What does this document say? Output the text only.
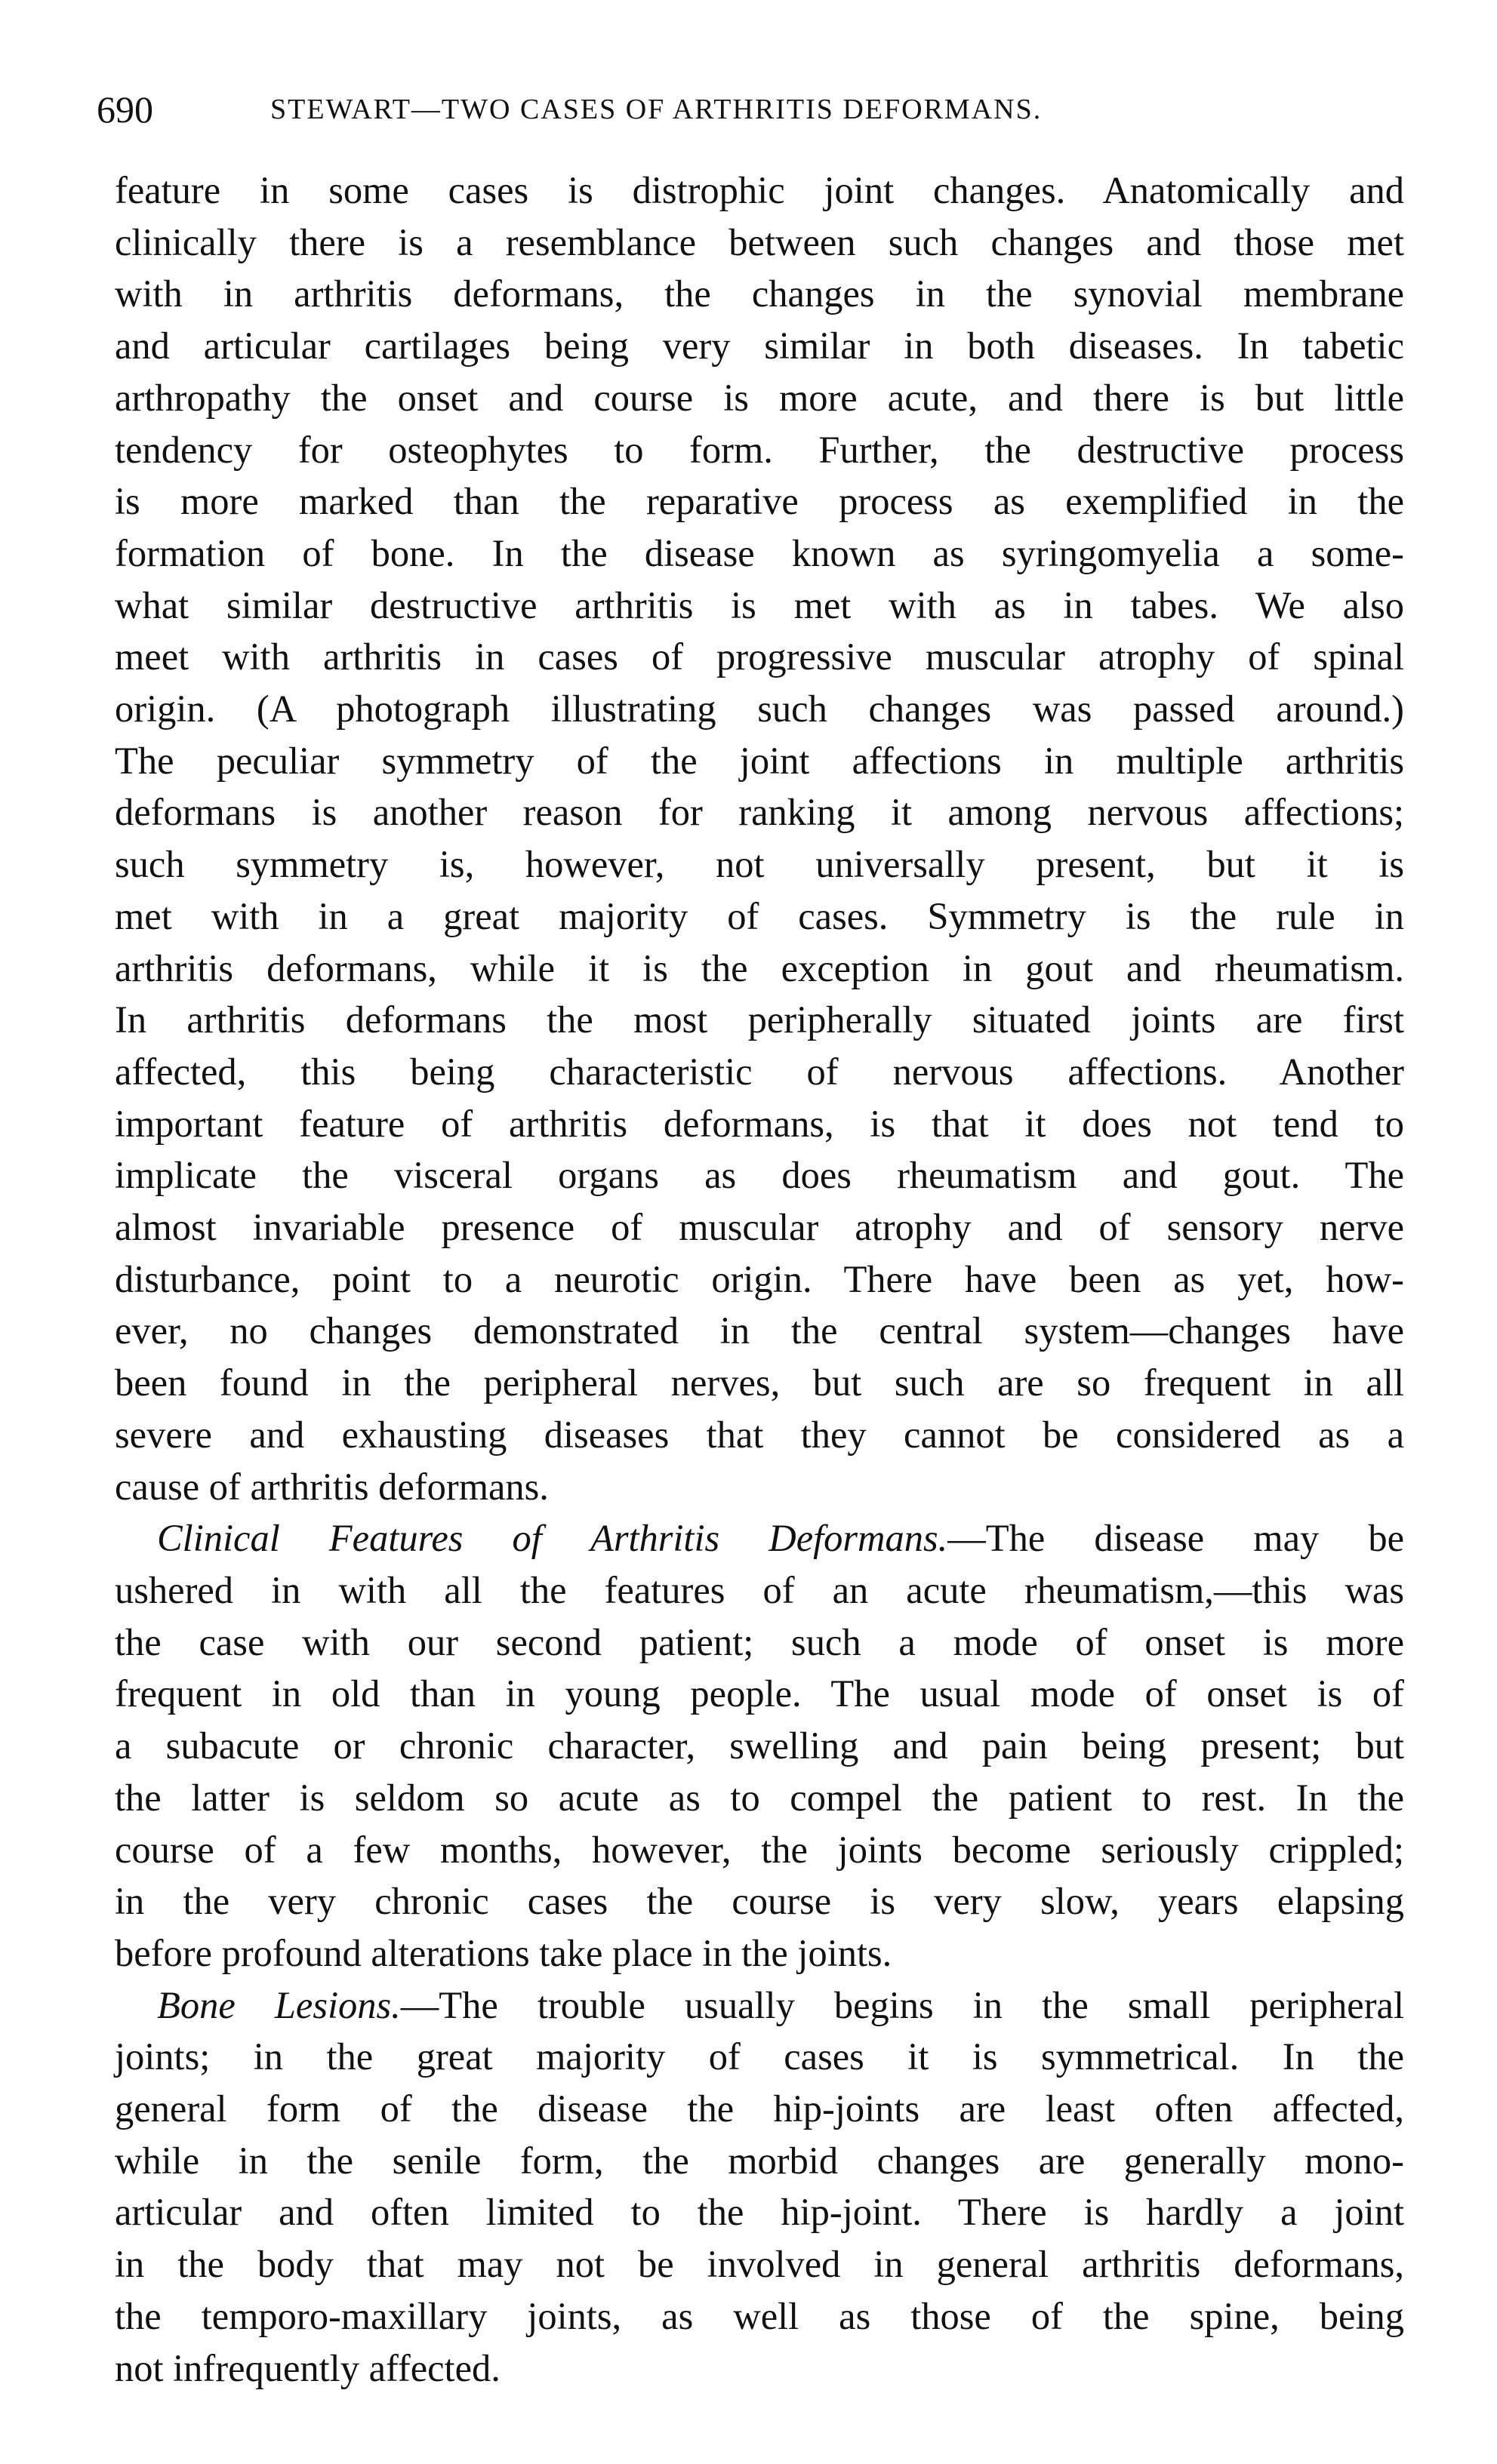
690	STEWART—TWO CASES OF ARTHRITIS DEFORMANS.

feature in some cases is distrophic joint changes. Anatomically and
clinically there is a resemblance between such changes and those met
with in arthritis deformans, the changes in the synovial membrane
and articular cartilages being very similar in both diseases. In tabetic
arthropathy the onset and course is more acute, and there is but little
tendency for osteophytes to form. Further, the destructive process
is more marked than the reparative process as exemplified in the
formation of bone. In the disease known as syringomyelia a some-
what similar destructive arthritis is met with as in tabes. We also
meet with arthritis in cases of progressive muscular atrophy of spinal
origin. (A photograph illustrating such changes was passed around.)
The peculiar symmetry of the joint affections in multiple arthritis
deformans is another reason for ranking it among nervous affections;
such symmetry is, however, not universally present, but it is
met with in a great majority of cases. Symmetry is the rule in
arthritis deformans, while it is the exception in gout and rheumatism.
In arthritis deformans the most peripherally situated joints are first
affected, this being characteristic of nervous affections. Another
important feature of arthritis deformans, is that it does not tend to
implicate the visceral organs as does rheumatism and gout. The
almost invariable presence of muscular atrophy and of sensory nerve
disturbance, point to a neurotic origin. There have been as yet, how-
ever, no changes demonstrated in the central system—changes have
been found in the peripheral nerves, but such are so frequent in all
severe and exhausting diseases that they cannot be considered as a
cause of arthritis deformans.

Clinical Features of Arthritis Deformans.—The disease may be
ushered in with all the features of an acute rheumatism,—this was
the case with our second patient; such a mode of onset is more
frequent in old than in young people. The usual mode of onset is of
a subacute or chronic character, swelling and pain being present; but
the latter is seldom so acute as to compel the patient to rest. In the
course of a few months, however, the joints become seriously crippled;
in the very chronic cases the course is very slow, years elapsing
before profound alterations take place in the joints.

Bone Lesions.—The trouble usually begins in the small peripheral
joints; in the great majority of cases it is symmetrical. In the
general form of the disease the hip-joints are least often affected,
while in the senile form, the morbid changes are generally mono-
articular and often limited to the hip-joint. There is hardly a joint
in the body that may not be involved in general arthritis deformans,
the temporo-maxillary joints, as well as those of the spine, being
not infrequently affected.
